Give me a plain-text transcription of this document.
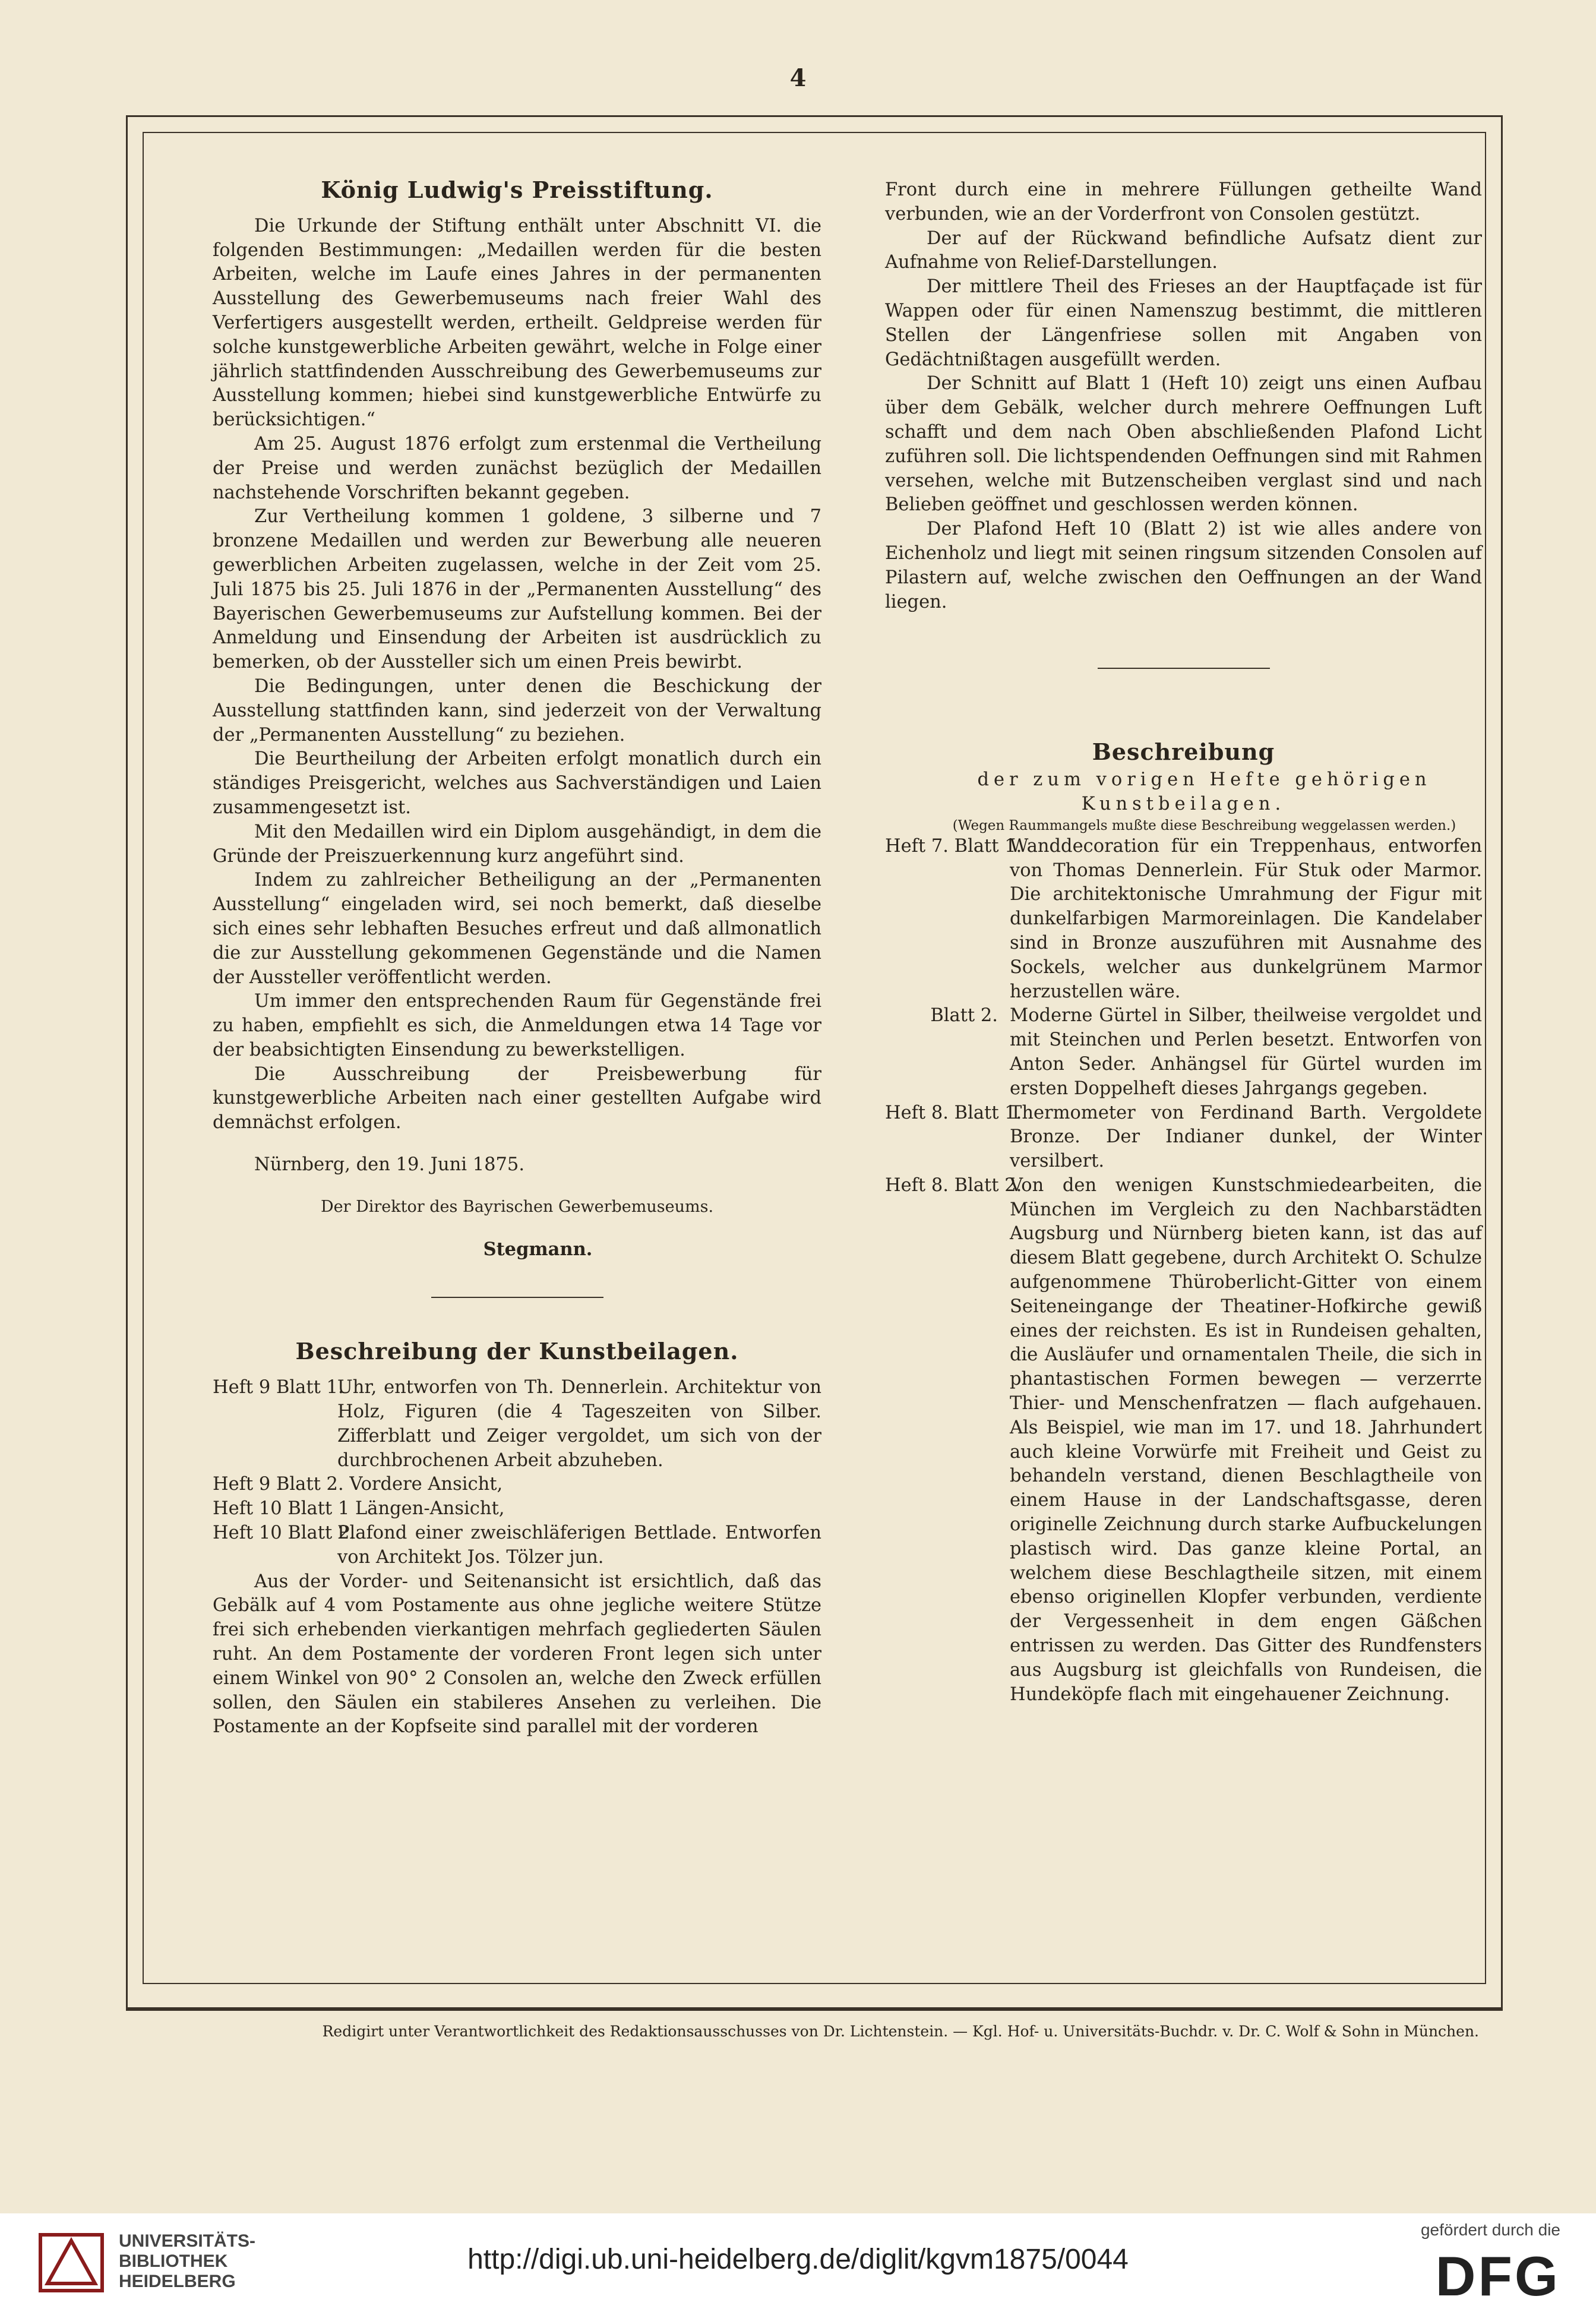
4
König Ludwig's Preisstiftung.

Die Urkunde der Stiftung enthält unter Abschnitt VI. die folgenden Bestimmungen: „Medaillen werden für die besten Arbeiten, welche im Laufe eines Jahres in der permanenten Ausstellung des Gewerbemuseums nach freier Wahl des Verfertigers ausgestellt werden, ertheilt. Geldpreise werden für solche kunstgewerbliche Arbeiten gewährt, welche in Folge einer jährlich stattfindenden Ausschreibung des Gewerbemuseums zur Ausstellung kommen; hiebei sind kunstgewerbliche Entwürfe zu berücksichtigen.“

Am 25. August 1876 erfolgt zum erstenmal die Vertheilung der Preise und werden zunächst bezüglich der Medaillen nachstehende Vorschriften bekannt gegeben.

Zur Vertheilung kommen 1 goldene, 3 silberne und 7 bronzene Medaillen und werden zur Bewerbung alle neueren gewerblichen Arbeiten zugelassen, welche in der Zeit vom 25. Juli 1875 bis 25. Juli 1876 in der „Permanenten Ausstellung“ des Bayerischen Gewerbemuseums zur Aufstellung kommen. Bei der Anmeldung und Einsendung der Arbeiten ist ausdrücklich zu bemerken, ob der Aussteller sich um einen Preis bewirbt.

Die Bedingungen, unter denen die Beschickung der Ausstellung stattfinden kann, sind jederzeit von der Verwaltung der „Permanenten Ausstellung“ zu beziehen.

Die Beurtheilung der Arbeiten erfolgt monatlich durch ein ständiges Preisgericht, welches aus Sachverständigen und Laien zusammengesetzt ist.

Mit den Medaillen wird ein Diplom ausgehändigt, in dem die Gründe der Preiszuerkennung kurz angeführt sind.

Indem zu zahlreicher Betheiligung an der „Permanenten Ausstellung“ eingeladen wird, sei noch bemerkt, daß dieselbe sich eines sehr lebhaften Besuches erfreut und daß allmonatlich die zur Ausstellung gekommenen Gegenstände und die Namen der Aussteller veröffentlicht werden.

Um immer den entsprechenden Raum für Gegenstände frei zu haben, empfiehlt es sich, die Anmeldungen etwa 14 Tage vor der beabsichtigten Einsendung zu bewerkstelligen.

Die Ausschreibung der Preisbewerbung für kunstgewerbliche Arbeiten nach einer gestellten Aufgabe wird demnächst erfolgen.

Nürnberg, den 19. Juni 1875.

Der Direktor des Bayrischen Gewerbemuseums.

Stegmann.

Beschreibung der Kunstbeilagen.
Heft 9 Blatt 1.
Uhr, entworfen von Th. Dennerlein. Architektur von Holz, Figuren (die 4 Tageszeiten von Silber. Zifferblatt und Zeiger vergoldet, um sich von der durchbrochenen Arbeit abzuheben.

Heft 9 Blatt 2. Vordere Ansicht,

Heft 10 Blatt 1 Längen-Ansicht,

Heft 10 Blatt 2.
Plafond einer zweischläferigen Bettlade. Entworfen von Architekt Jos. Tölzer jun.

Aus der Vorder- und Seitenansicht ist ersichtlich, daß das Gebälk auf 4 vom Postamente aus ohne jegliche weitere Stütze frei sich erhebenden vierkantigen mehrfach gegliederten Säulen ruht. An dem Postamente der vorderen Front legen sich unter einem Winkel von 90° 2 Consolen an, welche den Zweck erfüllen sollen, den Säulen ein stabileres Ansehen zu verleihen. Die Postamente an der Kopfseite sind parallel mit der vorderen

Front durch eine in mehrere Füllungen getheilte Wand verbunden, wie an der Vorderfront von Consolen gestützt.

Der auf der Rückwand befindliche Aufsatz dient zur Aufnahme von Relief-Darstellungen.

Der mittlere Theil des Frieses an der Hauptfaçade ist für Wappen oder für einen Namenszug bestimmt, die mittleren Stellen der Längenfriese sollen mit Angaben von Gedächtnißtagen ausgefüllt werden.

Der Schnitt auf Blatt 1 (Heft 10) zeigt uns einen Aufbau über dem Gebälk, welcher durch mehrere Oeffnungen Luft schafft und dem nach Oben abschließenden Plafond Licht zuführen soll. Die lichtspendenden Oeffnungen sind mit Rahmen versehen, welche mit Butzenscheiben verglast sind und nach Belieben geöffnet und geschlossen werden können.

Der Plafond Heft 10 (Blatt 2) ist wie alles andere von Eichenholz und liegt mit seinen ringsum sitzenden Consolen auf Pilastern auf, welche zwischen den Oeffnungen an der Wand liegen.

Beschreibung

der zum vorigen Hefte gehörigen Kunstbeilagen.

(Wegen Raummangels mußte diese Beschreibung weggelassen werden.)

Heft 7. Blatt 1.
Wanddecoration für ein Treppenhaus, entworfen von Thomas Dennerlein. Für Stuk oder Marmor. Die architektonische Umrahmung der Figur mit dunkelfarbigen Marmoreinlagen. Die Kandelaber sind in Bronze auszuführen mit Ausnahme des Sockels, welcher aus dunkelgrünem Marmor herzustellen wäre.
Blatt 2. Moderne Gürtel in Silber, theilweise vergoldet und mit Steinchen und Perlen besetzt. Entworfen von Anton Seder. Anhängsel für Gürtel wurden im ersten Doppelheft dieses Jahrgangs gegeben.
Heft 8. Blatt 1.
Thermometer von Ferdinand Barth. Vergoldete Bronze. Der Indianer dunkel, der Winter versilbert.
Heft 8. Blatt 2.
Von den wenigen Kunstschmiedearbeiten, die München im Vergleich zu den Nachbarstädten Augsburg und Nürnberg bieten kann, ist das auf diesem Blatt gegebene, durch Architekt O. Schulze aufgenommene Thüroberlicht-Gitter von einem Seiteneingange der Theatiner-Hofkirche gewiß eines der reichsten. Es ist in Rundeisen gehalten, die Ausläufer und ornamentalen Theile, die sich in phantastischen Formen bewegen — verzerrte Thier- und Menschenfratzen — flach aufgehauen. Als Beispiel, wie man im 17. und 18. Jahrhundert auch kleine Vorwürfe mit Freiheit und Geist zu behandeln verstand, dienen Beschlagtheile von einem Hause in der Landschaftsgasse, deren originelle Zeichnung durch starke Aufbuckelungen plastisch wird. Das ganze kleine Portal, an welchem diese Beschlagtheile sitzen, mit einem ebenso originellen Klopfer verbunden, verdiente der Vergessenheit in dem engen Gäßchen entrissen zu werden. Das Gitter des Rundfensters aus Augsburg ist gleichfalls von Rundeisen, die Hundeköpfe flach mit eingehauener Zeichnung.
Redigirt unter Verantwortlichkeit des Redaktionsausschusses von Dr. Lichtenstein. — Kgl. Hof- u. Universitäts-Buchdr. v. Dr. C. Wolf & Sohn in München.
UNIVERSITÄTS-
BIBLIOTHEK
HEIDELBERG
http://digi.ub.uni-heidelberg.de/diglit/kgvm1875/0044
gefördert durch die
DFG
